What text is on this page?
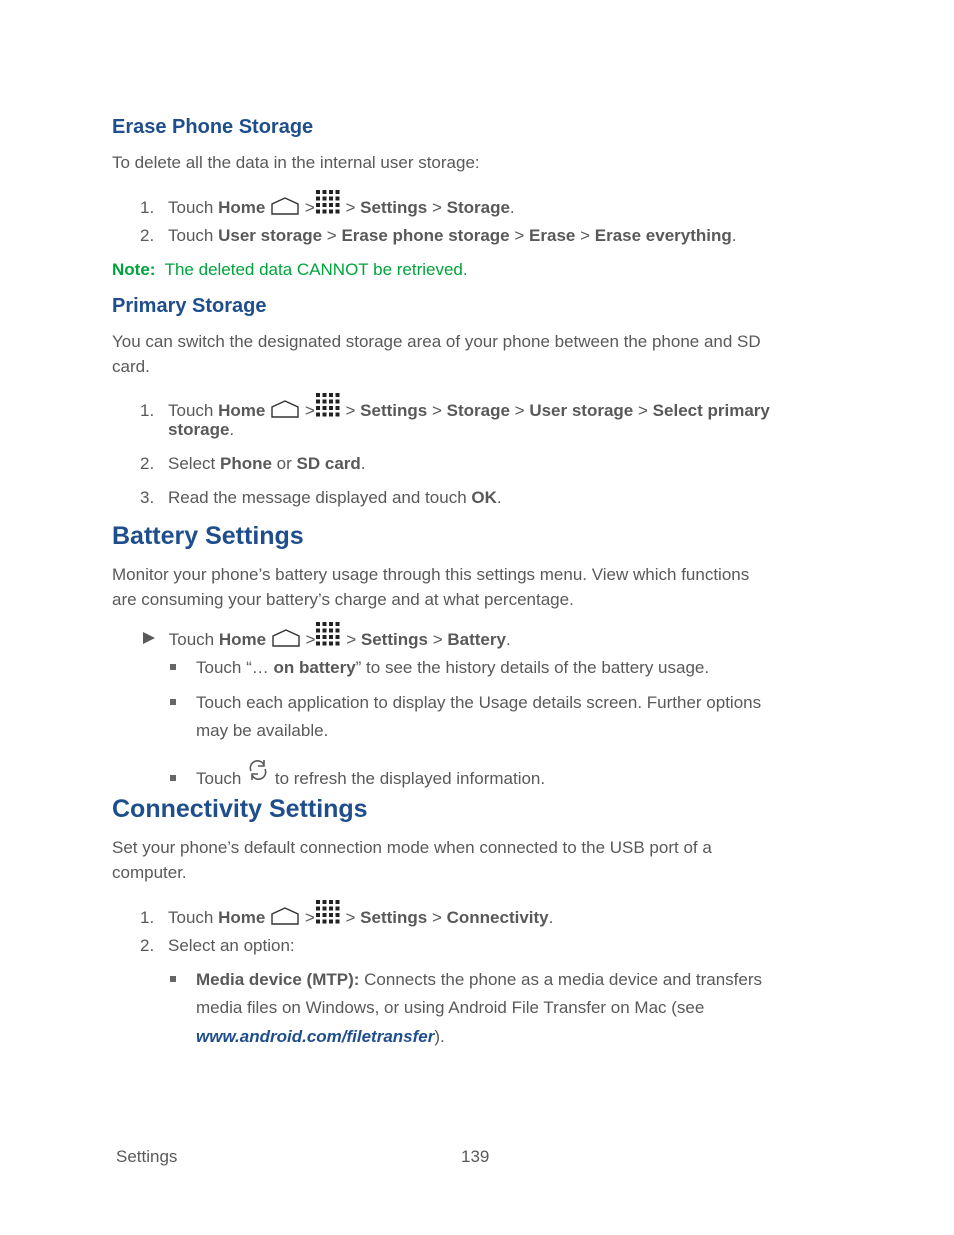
Erase Phone Storage
To delete all the data in the internal user storage:
1. Touch Home > > Settings > Storage.
2. Touch User storage > Erase phone storage > Erase > Erase everything.
Note: The deleted data CANNOT be retrieved.
Primary Storage
You can switch the designated storage area of your phone between the phone and SD
card.
1. Touch Home > > Settings > Storage > User storage > Select primary
storage.
2. Select Phone or SD card.
3. Read the message displayed and touch OK.
Battery Settings
Monitor your phone’s battery usage through this settings menu. View which functions
are consuming your battery’s charge and at what percentage.
Touch Home > > Settings > Battery.
Touch “… on battery” to see the history details of the battery usage.
Touch each application to display the Usage details screen. Further options
may be available.
Touch to refresh the displayed information.
Connectivity Settings
Set your phone’s default connection mode when connected to the USB port of a
computer.
1. Touch Home > > Settings > Connectivity.
2. Select an option:
Media device (MTP): Connects the phone as a media device and transfers
media files on Windows, or using Android File Transfer on Mac (see
www.android.com/filetransfer).
Settings	139
